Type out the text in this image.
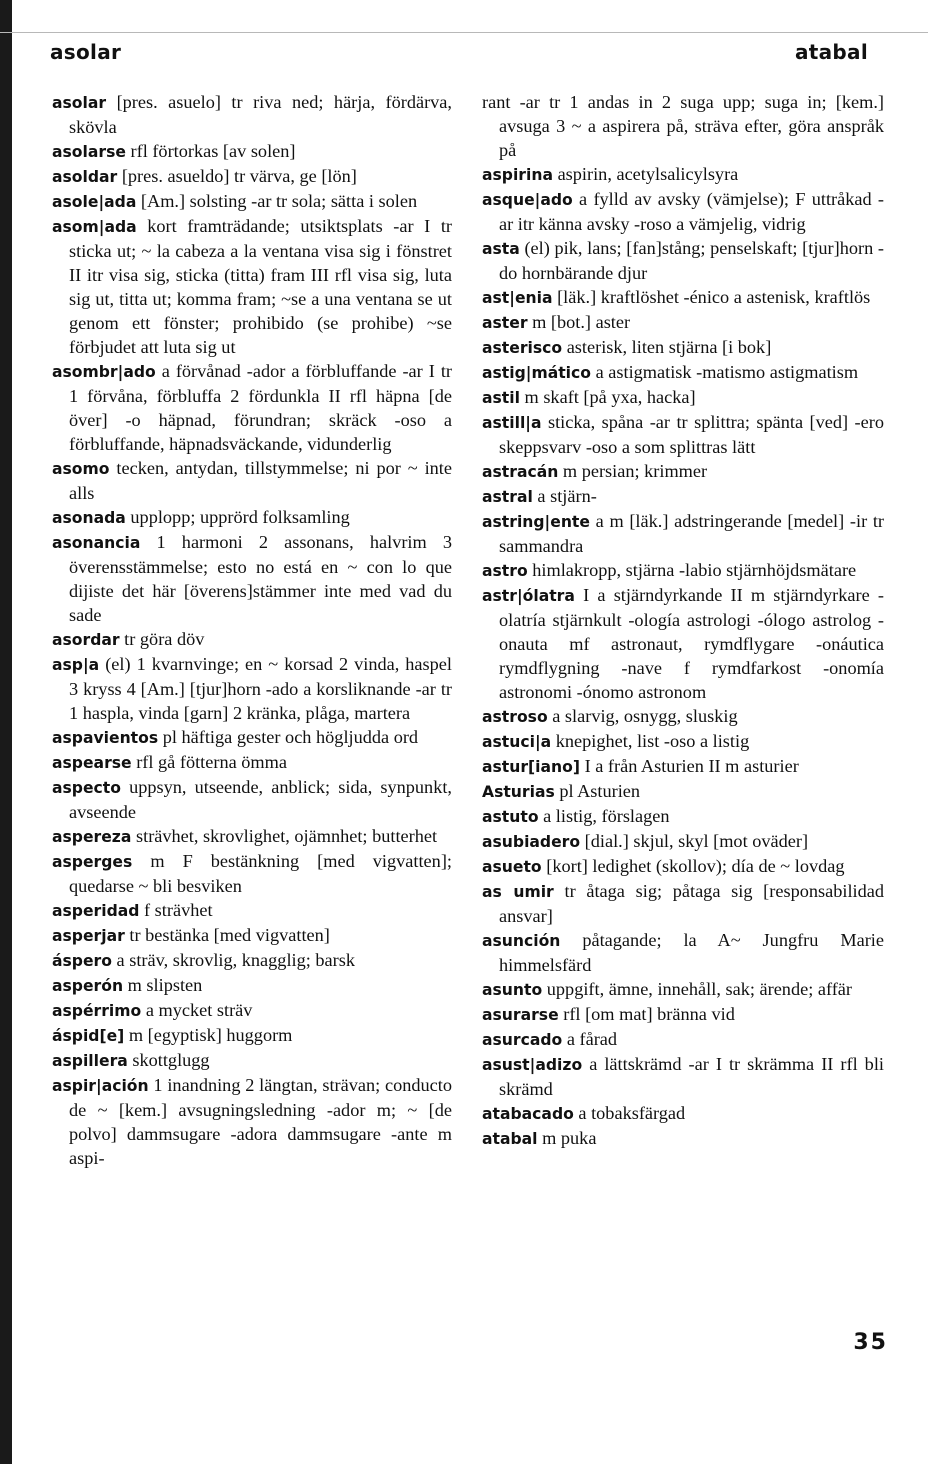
asolar	atabal

asolar [pres. asuelo] tr riva ned; härja, fördärva, skövla

asolarse rfl förtorkas [av solen]

asoldar [pres. asueldo] tr värva, ge [lön]

asole|ada [Am.] solsting -ar tr sola; sätta i solen

asom|ada kort framträdande; utsiktsplats -ar I tr sticka ut; ~ la cabeza a la ventana visa sig i fönstret II itr visa sig, sticka (titta) fram III rfl visa sig, luta sig ut, titta ut; komma fram; ~se a una ventana se ut genom ett fönster; prohibido (se prohibe) ~se förbjudet att luta sig ut

asombr|ado a förvånad -ador a förbluffande -ar I tr 1 förvåna, förbluffa 2 fördunkla II rfl häpna [de över] -o häpnad, förundran; skräck -oso a förbluffande, häpnadsväckande, vidunderlig

asomo tecken, antydan, tillstymmelse; ni por ~ inte alls

asonada upplopp; upprörd folksamling

asonancia 1 harmoni 2 assonans, halvrim 3 överensstämmelse; esto no está en ~ con lo que dijiste det här [överens]stämmer inte med vad du sade

asordar tr göra döv

asp|a (el) 1 kvarnvinge; en ~ korsad 2 vinda, haspel 3 kryss 4 [Am.] [tjur]horn -ado a korsliknande -ar tr 1 haspla, vinda [garn] 2 kränka, plåga, martera

aspavientos pl häftiga gester och högljudda ord

aspearse rfl gå fötterna ömma

aspecto uppsyn, utseende, anblick; sida, synpunkt, avseende

aspereza strävhet, skrovlighet, ojämnhet; butterhet

asperges m F bestänkning [med vigvatten]; quedarse ~ bli besviken

asperidad f strävhet

asperjar tr bestänka [med vigvatten]

áspero a sträv, skrovlig, knagglig; barsk

asperón m slipsten

aspérrimo a mycket sträv

áspid[e] m [egyptisk] huggorm

aspillera skottglugg

aspir|ación 1 inandning 2 längtan, strävan; conducto de ~ [kem.] avsugningsledning -ador m; ~ [de polvo] dammsugare -adora dammsugare -ante m aspi-

rant -ar tr 1 andas in 2 suga upp; suga in; [kem.] avsuga 3 ~ a aspirera på, sträva efter, göra anspråk på

aspirina aspirin, acetylsalicylsyra

asque|ado a fylld av avsky (vämjelse); F uttråkad -ar itr känna avsky -roso a vämjelig, vidrig

asta (el) pik, lans; [fan]stång; penselskaft; [tjur]horn -do hornbärande djur

ast|enia [läk.] kraftlöshet -énico a astenisk, kraftlös

aster m [bot.] aster

asterisco asterisk, liten stjärna [i bok]

astig|mático a astigmatisk -matismo astigmatism

astil m skaft [på yxa, hacka]

astill|a sticka, spåna -ar tr splittra; spänta [ved] -ero skeppsvarv -oso a som splittras lätt

astracán m persian; krimmer

astral a stjärn-

astring|ente a m [läk.] adstringerande [medel] -ir tr sammandra

astro himlakropp, stjärna -labio stjärnhöjdsmätare

astr|ólatra I a stjärndyrkande II m stjärndyrkare -olatría stjärnkult -ología astrologi -ólogo astrolog -onauta mf astronaut, rymdflygare -onáutica rymdflygning -nave f rymdfarkost -onomía astronomi -ónomo astronom

astroso a slarvig, osnygg, sluskig

astuci|a knepighet, list -oso a listig

astur[iano] I a från Asturien II m asturier

Asturias pl Asturien

astuto a listig, förslagen

asubiadero [dial.] skjul, skyl [mot oväder]

asueto [kort] ledighet (skollov); día de ~ lovdag

as umir tr åtaga sig; påtaga sig [responsabilidad ansvar]

asunción påtagande; la A~ Jungfru Marie himmelsfärd

asunto uppgift, ämne, innehåll, sak; ärende; affär

asurarse rfl [om mat] bränna vid

asurcado a fårad

asust|adizo a lättskrämd -ar I tr skrämma II rfl bli skrämd

atabacado a tobaksfärgad

atabal m puka

35
